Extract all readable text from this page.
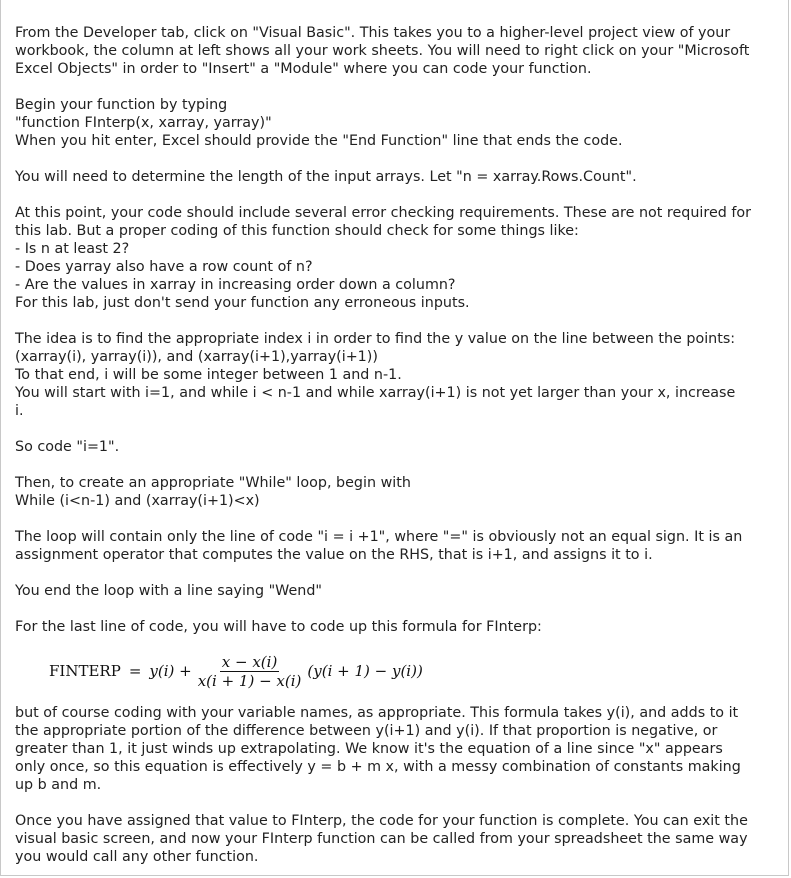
From the Developer tab, click on "Visual Basic". This takes you to a higher-level project view of your
workbook, the column at left shows all your work sheets. You will need to right click on your "Microsoft
Excel Objects" in order to "Insert" a "Module" where you can code your function.

Begin your function by typing
"function FInterp(x, xarray, yarray)"
When you hit enter, Excel should provide the "End Function" line that ends the code.

You will need to determine the length of the input arrays. Let "n = xarray.Rows.Count".

At this point, your code should include several error checking requirements. These are not required for
this lab. But a proper coding of this function should check for some things like:
- Is n at least 2?
- Does yarray also have a row count of n?
- Are the values in xarray in increasing order down a column?
For this lab, just don't send your function any erroneous inputs.

The idea is to find the appropriate index i in order to find the y value on the line between the points:
(xarray(i), yarray(i)), and (xarray(i+1),yarray(i+1))
To that end, i will be some integer between 1 and n-1.
You will start with i=1, and while i < n-1 and while xarray(i+1) is not yet larger than your x, increase
i.

So code "i=1".

Then, to create an appropriate "While" loop, begin with
While (i<n-1) and (xarray(i+1)<x)

The loop will contain only the line of code "i = i +1", where "=" is obviously not an equal sign. It is an
assignment operator that computes the value on the RHS, that is i+1, and assigns it to i.

You end the loop with a line saying "Wend"

For the last line of code, you will have to code up this formula for FInterp:

FINTERP = $y(i) + \frac{x - x(i)}{x(i + 1) - x(i)} (y(i + 1) - y(i))$

but of course coding with your variable names, as appropriate. This formula takes y(i), and adds to it
the appropriate portion of the difference between y(i+1) and y(i). If that proportion is negative, or
greater than 1, it just winds up extrapolating. We know it's the equation of a line since "x" appears
only once, so this equation is effectively y = b + m x, with a messy combination of constants making
up b and m.

Once you have assigned that value to FInterp, the code for your function is complete. You can exit the
visual basic screen, and now your FInterp function can be called from your spreadsheet the same way
you would call any other function.
